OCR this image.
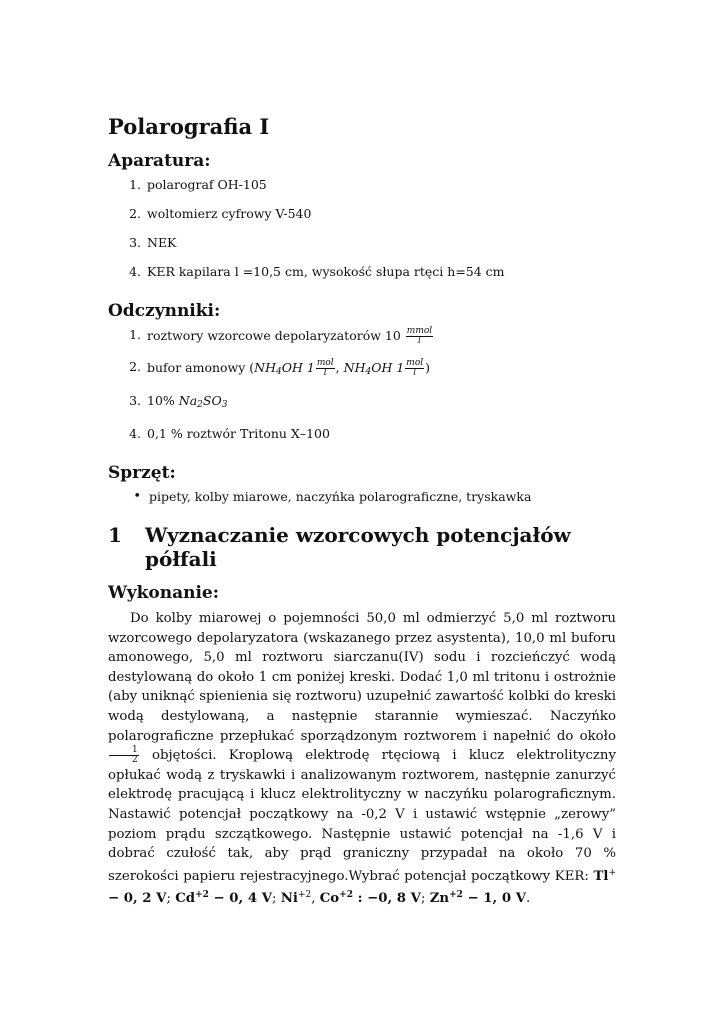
Polarografia I
Aparatura:
1. polarograf OH-105
2. woltomierz cyfrowy V-540
3. NEK
4. KER kapilara l =10,5 cm, wysokość słupa rtęci h=54 cm
Odczynniki:
1. roztwory wzorcowe depolaryzatorów $10 \frac{\text{mmol}}{l}$
2. bufor amonowy ($NH_4OH$ $1 \frac{\text{mol}}{l}$ , $NH_4OH$ $1 \frac{\text{mol}}{l}$ )
3. 10% $Na_2SO_3$
4. 0,1 % roztwór Tritonu X–100
Sprzęt:
• pipety, kolby miarowe, naczyńka polarograficzne, tryskawka
1	Wyznaczanie wzorcowych potencjałów półfali
Wykonanie:

Do kolby miarowej o pojemności 50,0 ml odmierzyć 5,0 ml roztworu wzorcowego depolaryzatora (wskazanego przez asystenta), 10,0 ml buforu amonowego, 5,0 ml roztworu siarczanu(IV) sodu i rozcieńczyć wodą destylowaną do około 1 cm poniżej kreski. Dodać 1,0 ml tritonu i ostrożnie (aby uniknąć spienienia się roztworu) uzupełnić zawartość kolbki do kreski wodą destylowaną, a następnie starannie wymieszać. Naczyńko polarograficzne przepłukać sporządzonym roztworem i napełnić do około
$\frac{1}{2}$ objętości. Kroplową elektrodę rtęciową i klucz elektrolityczny opłukać wodą z tryskawki i analizowanym roztworem, następnie zanurzyć elektrodę pracującą i klucz elektrolityczny w naczyńku polarograficznym. Nastawić potencjał początkowy na -0,2 V i ustawić wstępnie „zerowy” poziom prądu szczątkowego. Następnie ustawić potencjał na -1,6 V i dobrać czułość tak, aby prąd graniczny przypadał na około 70 % szerokości papieru rejestracyjnego.Wybrać potencjał początkowy KER: Tl+ − 0, 2 V; $Cd^{+2} - 0$, 4 V; $Ni^{+2}$, $Co^{+2}$ : −0, 8 V; $Zn^{+2} - 1$, 0 V.
